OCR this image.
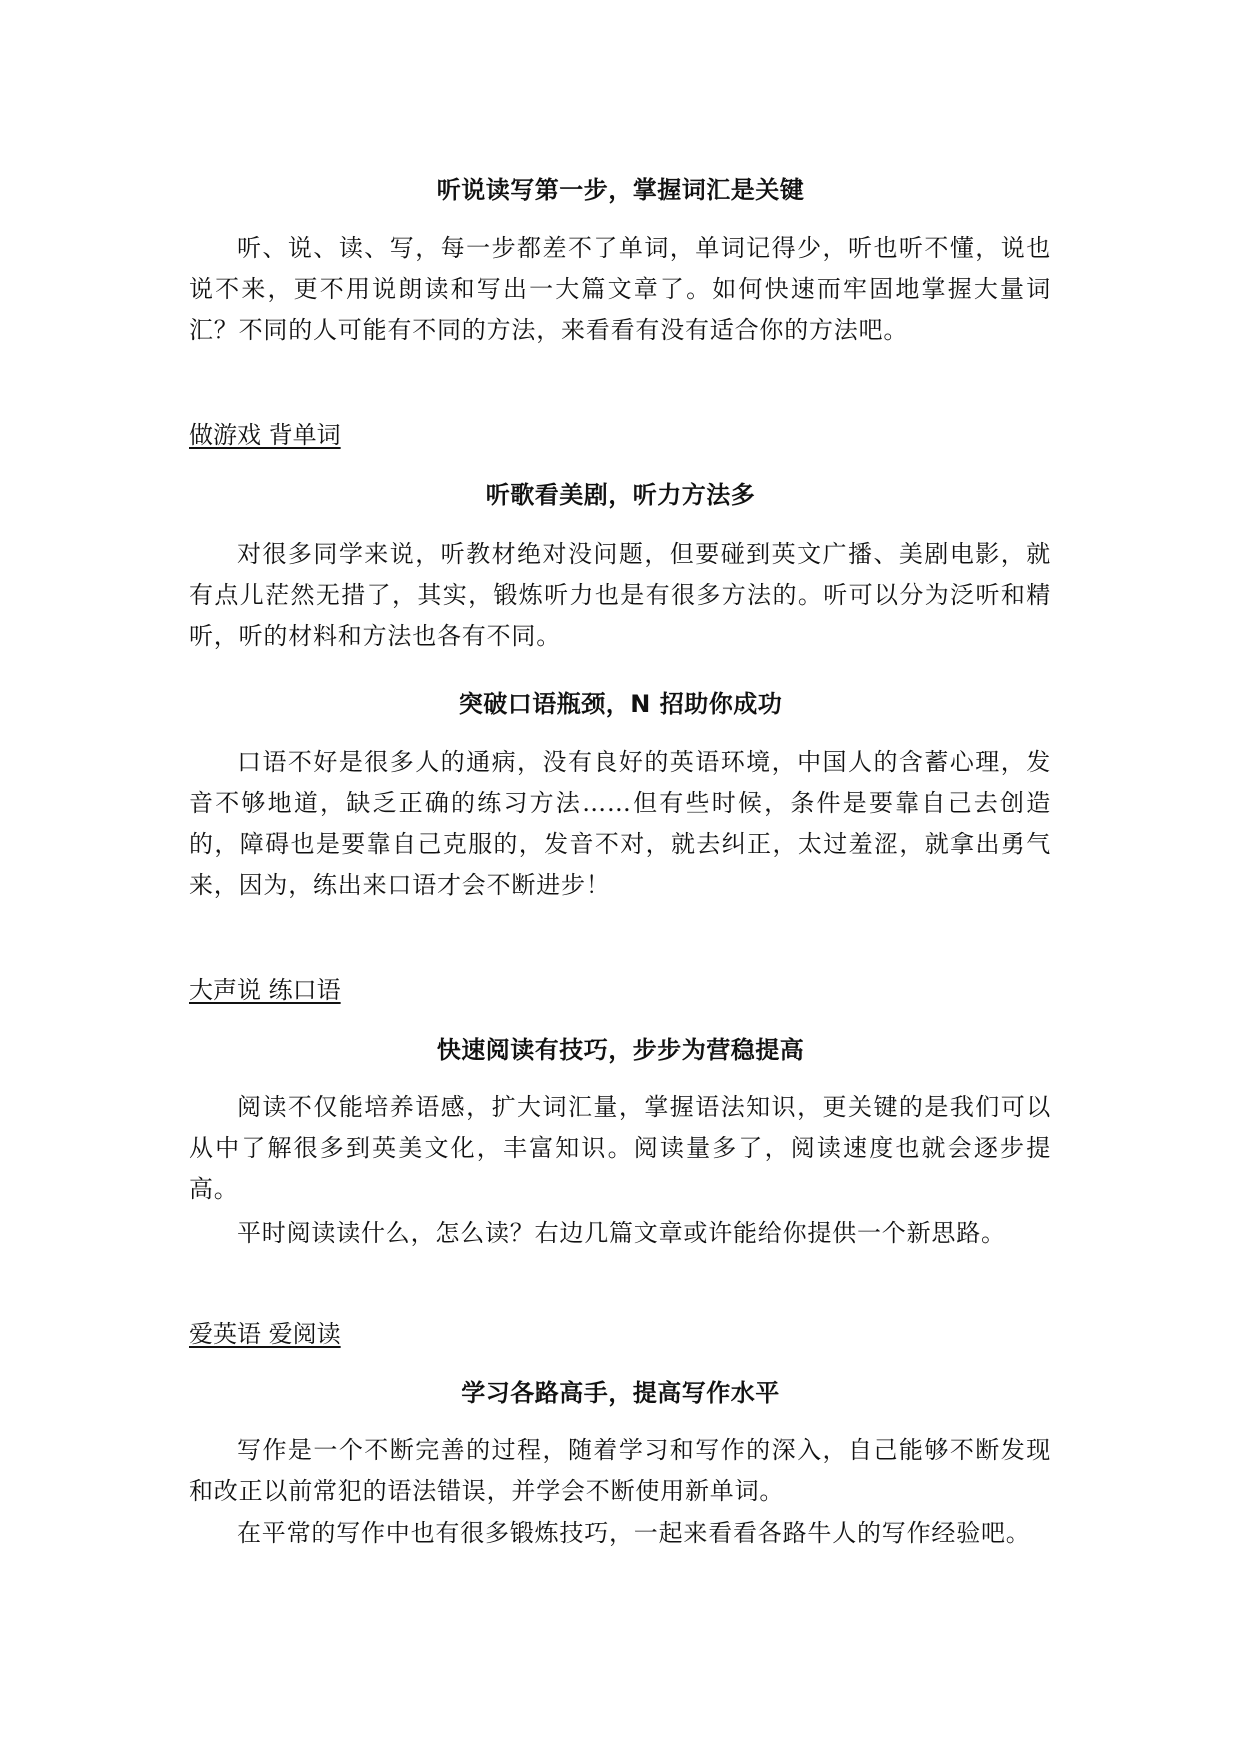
听说读写第一步，掌握词汇是关键
听、说、读、写，每一步都差不了单词，单词记得少，听也听不懂，说也说不来，更不用说朗读和写出一大篇文章了。如何快速而牢固地掌握大量词汇？不同的人可能有不同的方法，来看看有没有适合你的方法吧。
做游戏 背单词
听歌看美剧，听力方法多
对很多同学来说，听教材绝对没问题，但要碰到英文广播、美剧电影，就有点儿茫然无措了，其实，锻炼听力也是有很多方法的。听可以分为泛听和精听，听的材料和方法也各有不同。
突破口语瓶颈，N 招助你成功
口语不好是很多人的通病，没有良好的英语环境，中国人的含蓄心理，发音不够地道，缺乏正确的练习方法……但有些时候，条件是要靠自己去创造的，障碍也是要靠自己克服的，发音不对，就去纠正，太过羞涩，就拿出勇气来，因为，练出来口语才会不断进步！
大声说 练口语
快速阅读有技巧，步步为营稳提高
阅读不仅能培养语感，扩大词汇量，掌握语法知识，更关键的是我们可以从中了解很多到英美文化，丰富知识。阅读量多了，阅读速度也就会逐步提高。
平时阅读读什么，怎么读？右边几篇文章或许能给你提供一个新思路。
爱英语 爱阅读
学习各路高手，提高写作水平
写作是一个不断完善的过程，随着学习和写作的深入，自己能够不断发现和改正以前常犯的语法错误，并学会不断使用新单词。
在平常的写作中也有很多锻炼技巧，一起来看看各路牛人的写作经验吧。
